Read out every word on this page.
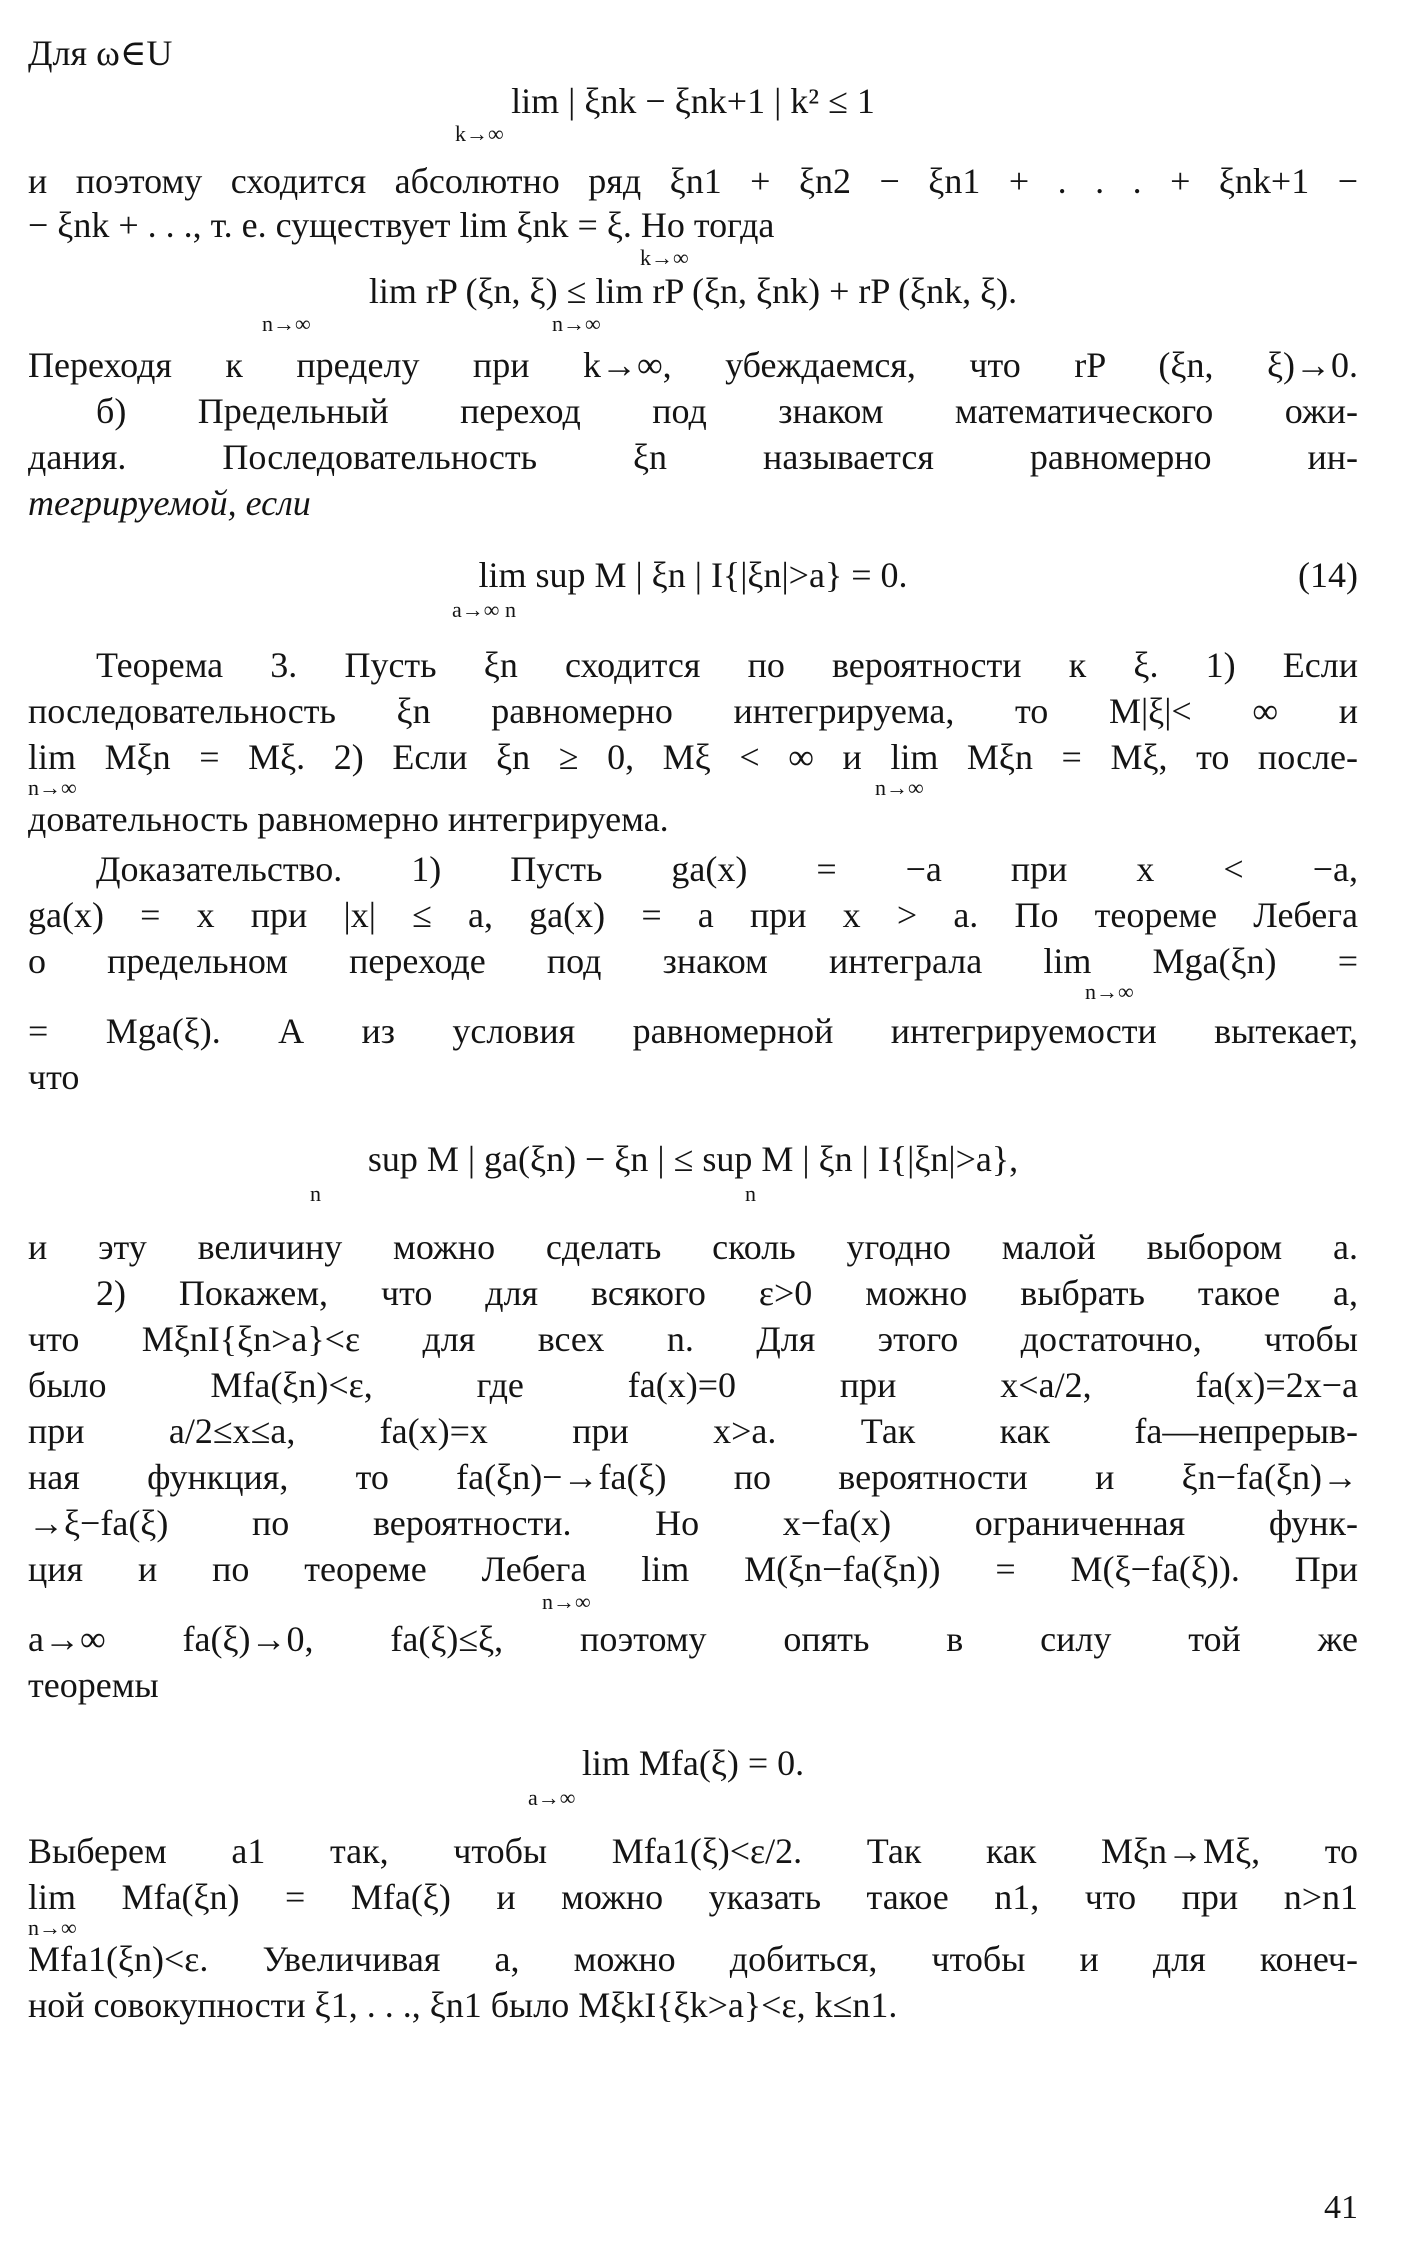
Для ω∈U
lim | ξnk − ξnk+1 | k² ≤ 1
k→∞
и поэтому сходится абсолютно ряд ξn1 + ξn2 − ξn1 + . . . + ξnk+1 −
− ξnk + . . ., т. е. существует lim ξnk = ξ. Но тогда
k→∞
lim rP (ξn, ξ) ≤ lim rP (ξn, ξnk) + rP (ξnk, ξ).
n→∞	n→∞
Переходя к пределу при k→∞, убеждаемся, что rP (ξn, ξ)→0.
б) Предельный переход под знаком математического ожи-
дания. Последовательность ξn называется равномерно ин-
тегрируемой, если
lim sup M | ξn | I{|ξn|>a} = 0.
a→∞ n
(14)
Теорема 3. Пусть ξn сходится по вероятности к ξ. 1) Если
последовательность ξn равномерно интегрируема, то M|ξ|< ∞ и
lim Mξn = Mξ. 2) Если ξn ≥ 0, Mξ < ∞ и lim Mξn = Mξ, то после-
n→∞	n→∞
довательность равномерно интегрируема.
Доказательство. 1) Пусть ga(x) = −a при x < −a,
ga(x) = x при |x| ≤ a, ga(x) = a при x > a. По теореме Лебега
о предельном переходе под знаком интеграла lim Mga(ξn) =
n→∞
= Mga(ξ). А из условия равномерной интегрируемости вытекает,
что
sup M | ga(ξn) − ξn | ≤ sup M | ξn | I{|ξn|>a},
n	n
и эту величину можно сделать сколь угодно малой выбором a.
2) Покажем, что для всякого ε>0 можно выбрать такое a,
что MξnI{ξn>a}<ε для всех n. Для этого достаточно, чтобы
было Mfa(ξn)<ε, где fa(x)=0 при x<a/2, fa(x)=2x−a
при a/2≤x≤a, fa(x)=x при x>a. Так как fa—непрерыв-
ная функция, то fa(ξn)−→fa(ξ) по вероятности и ξn−fa(ξn)→
→ξ−fa(ξ) по вероятности. Но x−fa(x) ограниченная функ-
ция и по теореме Лебега lim M(ξn−fa(ξn)) = M(ξ−fa(ξ)). При
n→∞
a→∞ fa(ξ)→0, fa(ξ)≤ξ, поэтому опять в силу той же
теоремы
lim Mfa(ξ) = 0.
a→∞
Выберем a1 так, чтобы Mfa1(ξ)<ε/2. Так как Mξn→Mξ, то
lim Mfa(ξn) = Mfa(ξ) и можно указать такое n1, что при n>n1
n→∞
Mfa1(ξn)<ε. Увеличивая a, можно добиться, чтобы и для конеч-
ной совокупности ξ1, . . ., ξn1 было MξkI{ξk>a}<ε, k≤n1.
41
